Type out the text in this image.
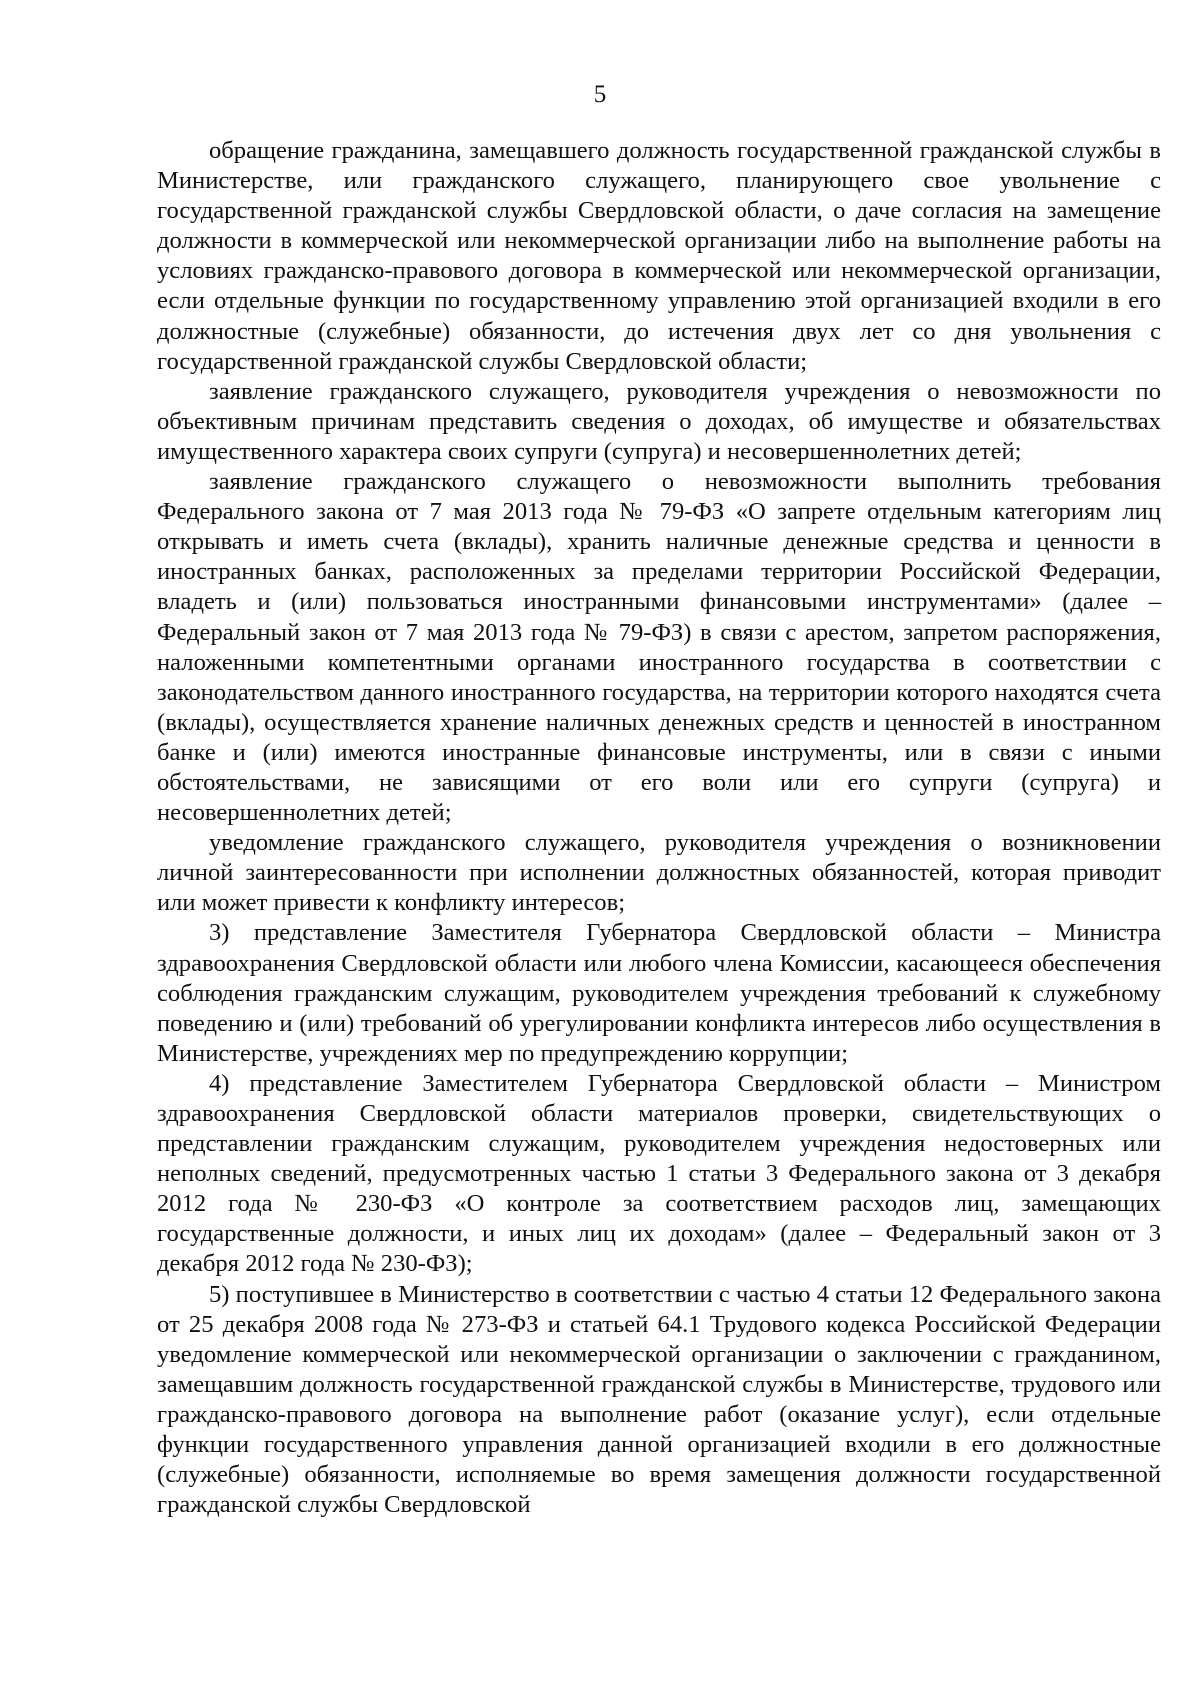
5

обращение гражданина, замещавшего должность государственной гражданской службы в Министерстве, или гражданского служащего, планирующего свое увольнение с государственной гражданской службы Свердловской области, о даче согласия на замещение должности в коммерческой или некоммерческой организации либо на выполнение работы на условиях гражданско-правового договора в коммерческой или некоммерческой организации, если отдельные функции по государственному управлению этой организацией входили в его должностные (служебные) обязанности, до истечения двух лет со дня увольнения с государственной гражданской службы Свердловской области;

заявление гражданского служащего, руководителя учреждения о невозможности по объективным причинам представить сведения о доходах, об имуществе и обязательствах имущественного характера своих супруги (супруга) и несовершеннолетних детей;

заявление гражданского служащего о невозможности выполнить требования Федерального закона от 7 мая 2013 года № 79-ФЗ «О запрете отдельным категориям лиц открывать и иметь счета (вклады), хранить наличные денежные средства и ценности в иностранных банках, расположенных за пределами территории Российской Федерации, владеть и (или) пользоваться иностранными финансовыми инструментами» (далее – Федеральный закон от 7 мая 2013 года № 79-ФЗ) в связи с арестом, запретом распоряжения, наложенными компетентными органами иностранного государства в соответствии с законодательством данного иностранного государства, на территории которого находятся счета (вклады), осуществляется хранение наличных денежных средств и ценностей в иностранном банке и (или) имеются иностранные финансовые инструменты, или в связи с иными обстоятельствами, не зависящими от его воли или его супруги (супруга) и несовершеннолетних детей;

уведомление гражданского служащего, руководителя учреждения о возникновении личной заинтересованности при исполнении должностных обязанностей, которая приводит или может привести к конфликту интересов;

3) представление Заместителя Губернатора Свердловской области – Министра здравоохранения Свердловской области или любого члена Комиссии, касающееся обеспечения соблюдения гражданским служащим, руководителем учреждения требований к служебному поведению и (или) требований об урегулировании конфликта интересов либо осуществления в Министерстве, учреждениях мер по предупреждению коррупции;

4) представление Заместителем Губернатора Свердловской области – Министром здравоохранения Свердловской области материалов проверки, свидетельствующих о представлении гражданским служащим, руководителем учреждения недостоверных или неполных сведений, предусмотренных частью 1 статьи 3 Федерального закона от 3 декабря 2012 года № 230-ФЗ «О контроле за соответствием расходов лиц, замещающих государственные должности, и иных лиц их доходам» (далее – Федеральный закон от 3 декабря 2012 года № 230-ФЗ);

5) поступившее в Министерство в соответствии с частью 4 статьи 12 Федерального закона от 25 декабря 2008 года № 273-ФЗ и статьей 64.1 Трудового кодекса Российской Федерации уведомление коммерческой или некоммерческой организации о заключении с гражданином, замещавшим должность государственной гражданской службы в Министерстве, трудового или гражданско-правового договора на выполнение работ (оказание услуг), если отдельные функции государственного управления данной организацией входили в его должностные (служебные) обязанности, исполняемые во время замещения должности государственной гражданской службы Свердловской
